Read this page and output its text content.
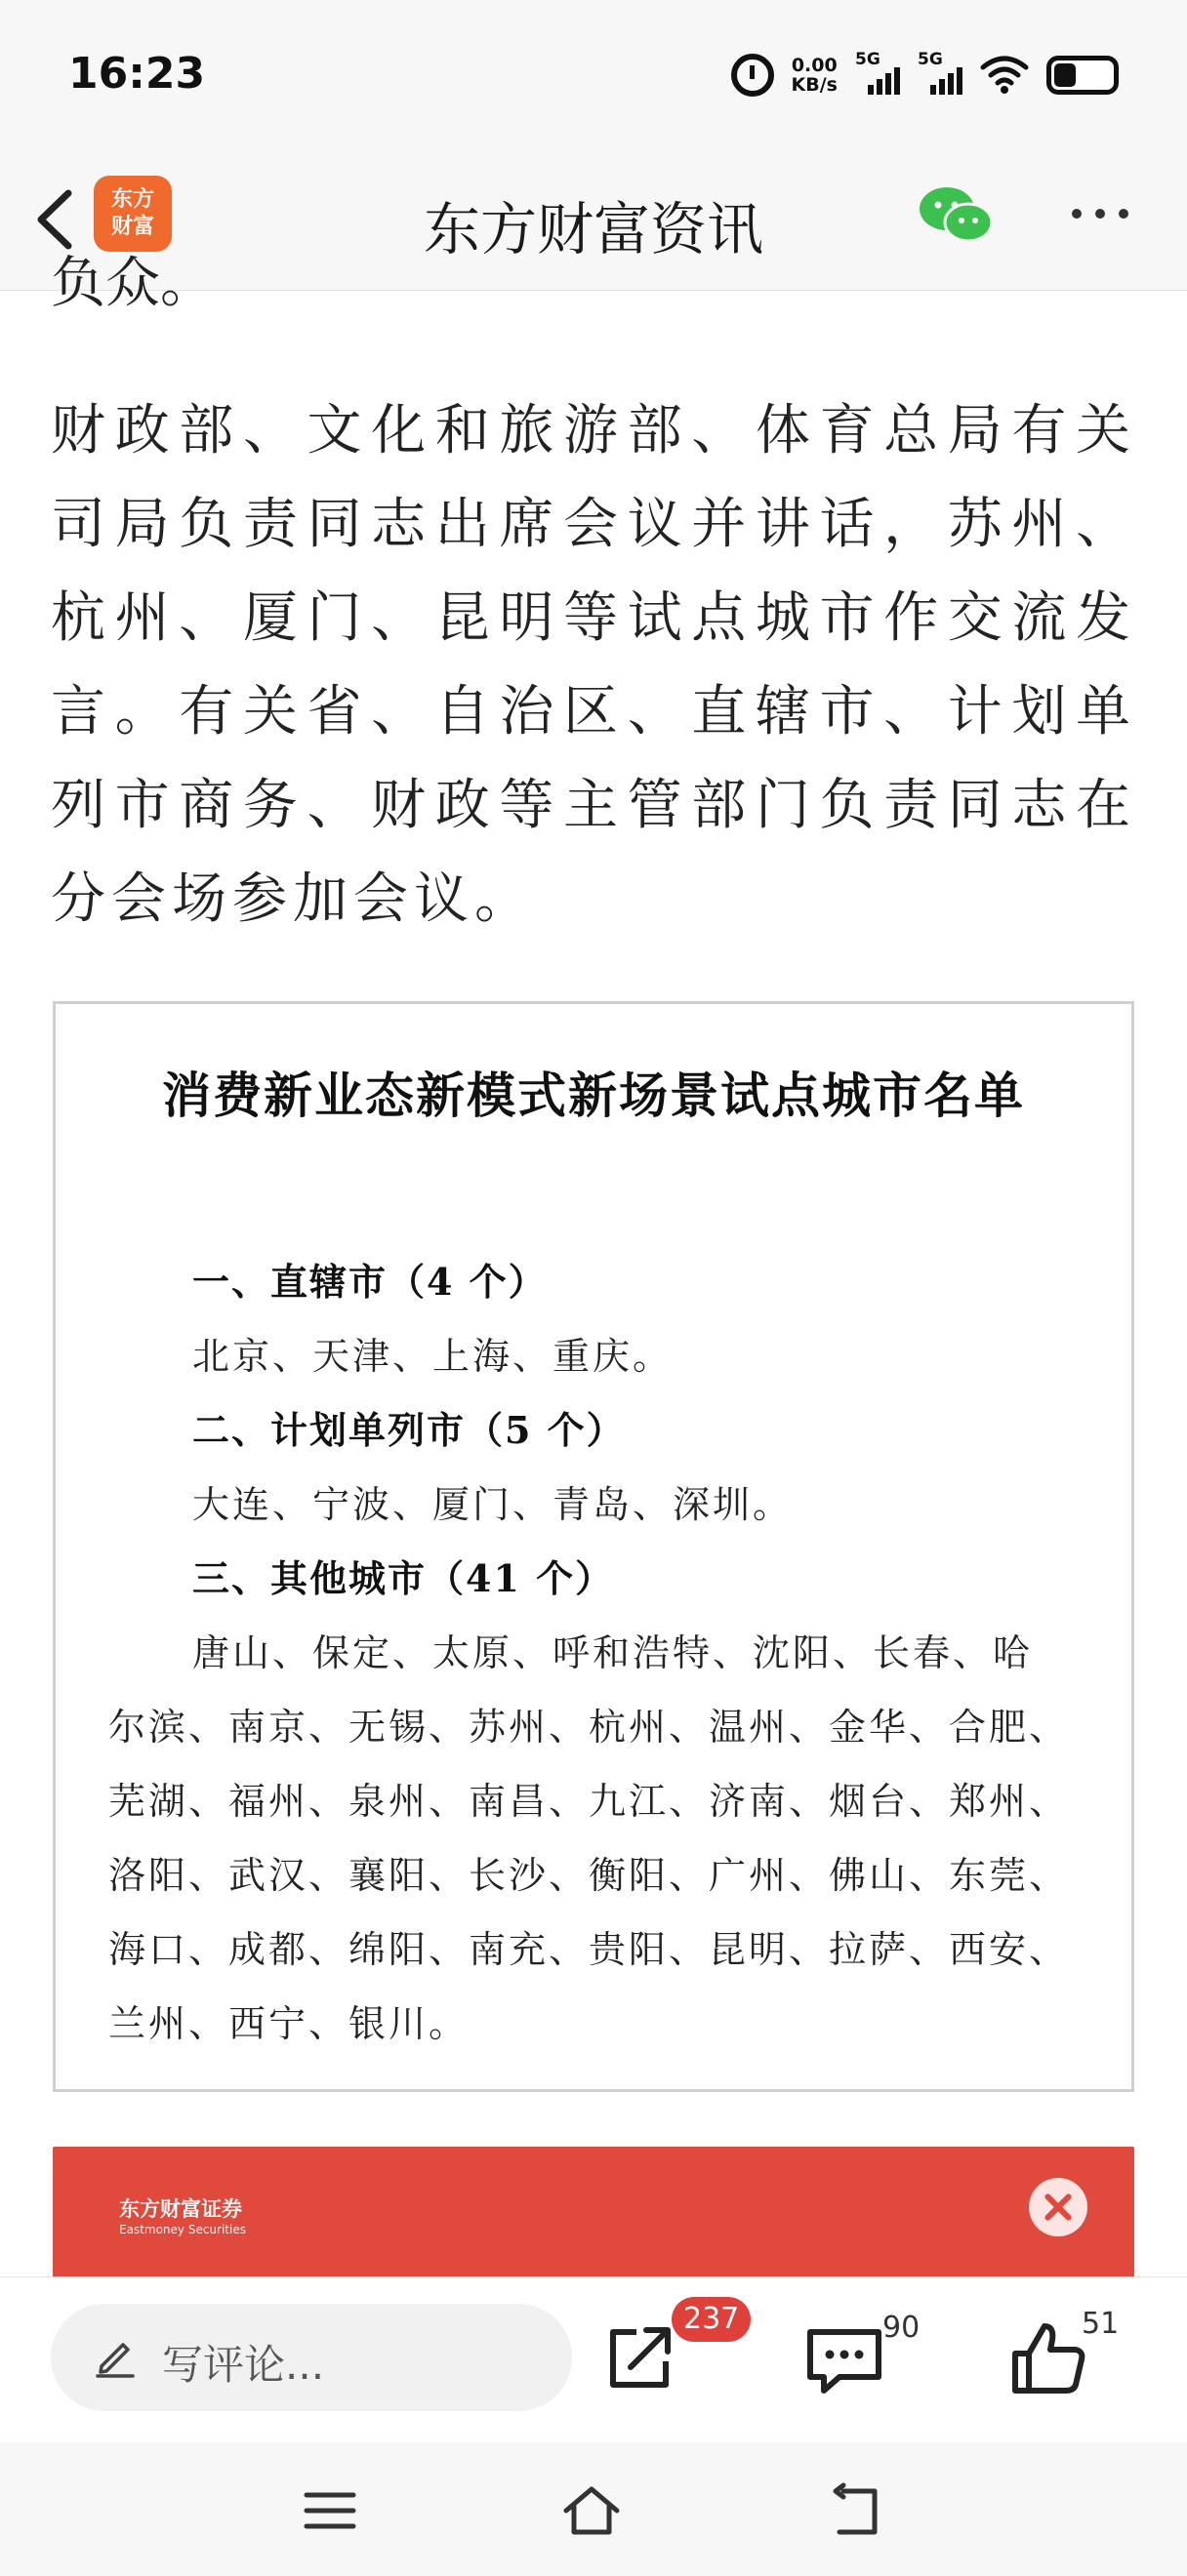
16:23	0.00
KB/s
5G 5G
东方
财富	东方财富资讯
负众。

财政部、文化和旅游部、体育总局有关司局负责同志出席会议并讲话，苏州、杭州、厦门、昆明等试点城市作交流发言。有关省、自治区、直辖市、计划单列市商务、财政等主管部门负责同志在分会场参加会议。

消费新业态新模式新场景试点城市名单
一、直辖市（4 个）
北京、天津、上海、重庆。
二、计划单列市（5 个）
大连、宁波、厦门、青岛、深圳。
三、其他城市（41 个）
唐山、保定、太原、呼和浩特、沈阳、长春、哈
尔滨、南京、无锡、苏州、杭州、温州、金华、合肥、
芜湖、福州、泉州、南昌、九江、济南、烟台、郑州、
洛阳、武汉、襄阳、长沙、衡阳、广州、佛山、东莞、
海口、成都、绵阳、南充、贵阳、昆明、拉萨、西安、
兰州、西宁、银川。
东方财富证券
Eastmoney Securities
写评论...
237	90	51
